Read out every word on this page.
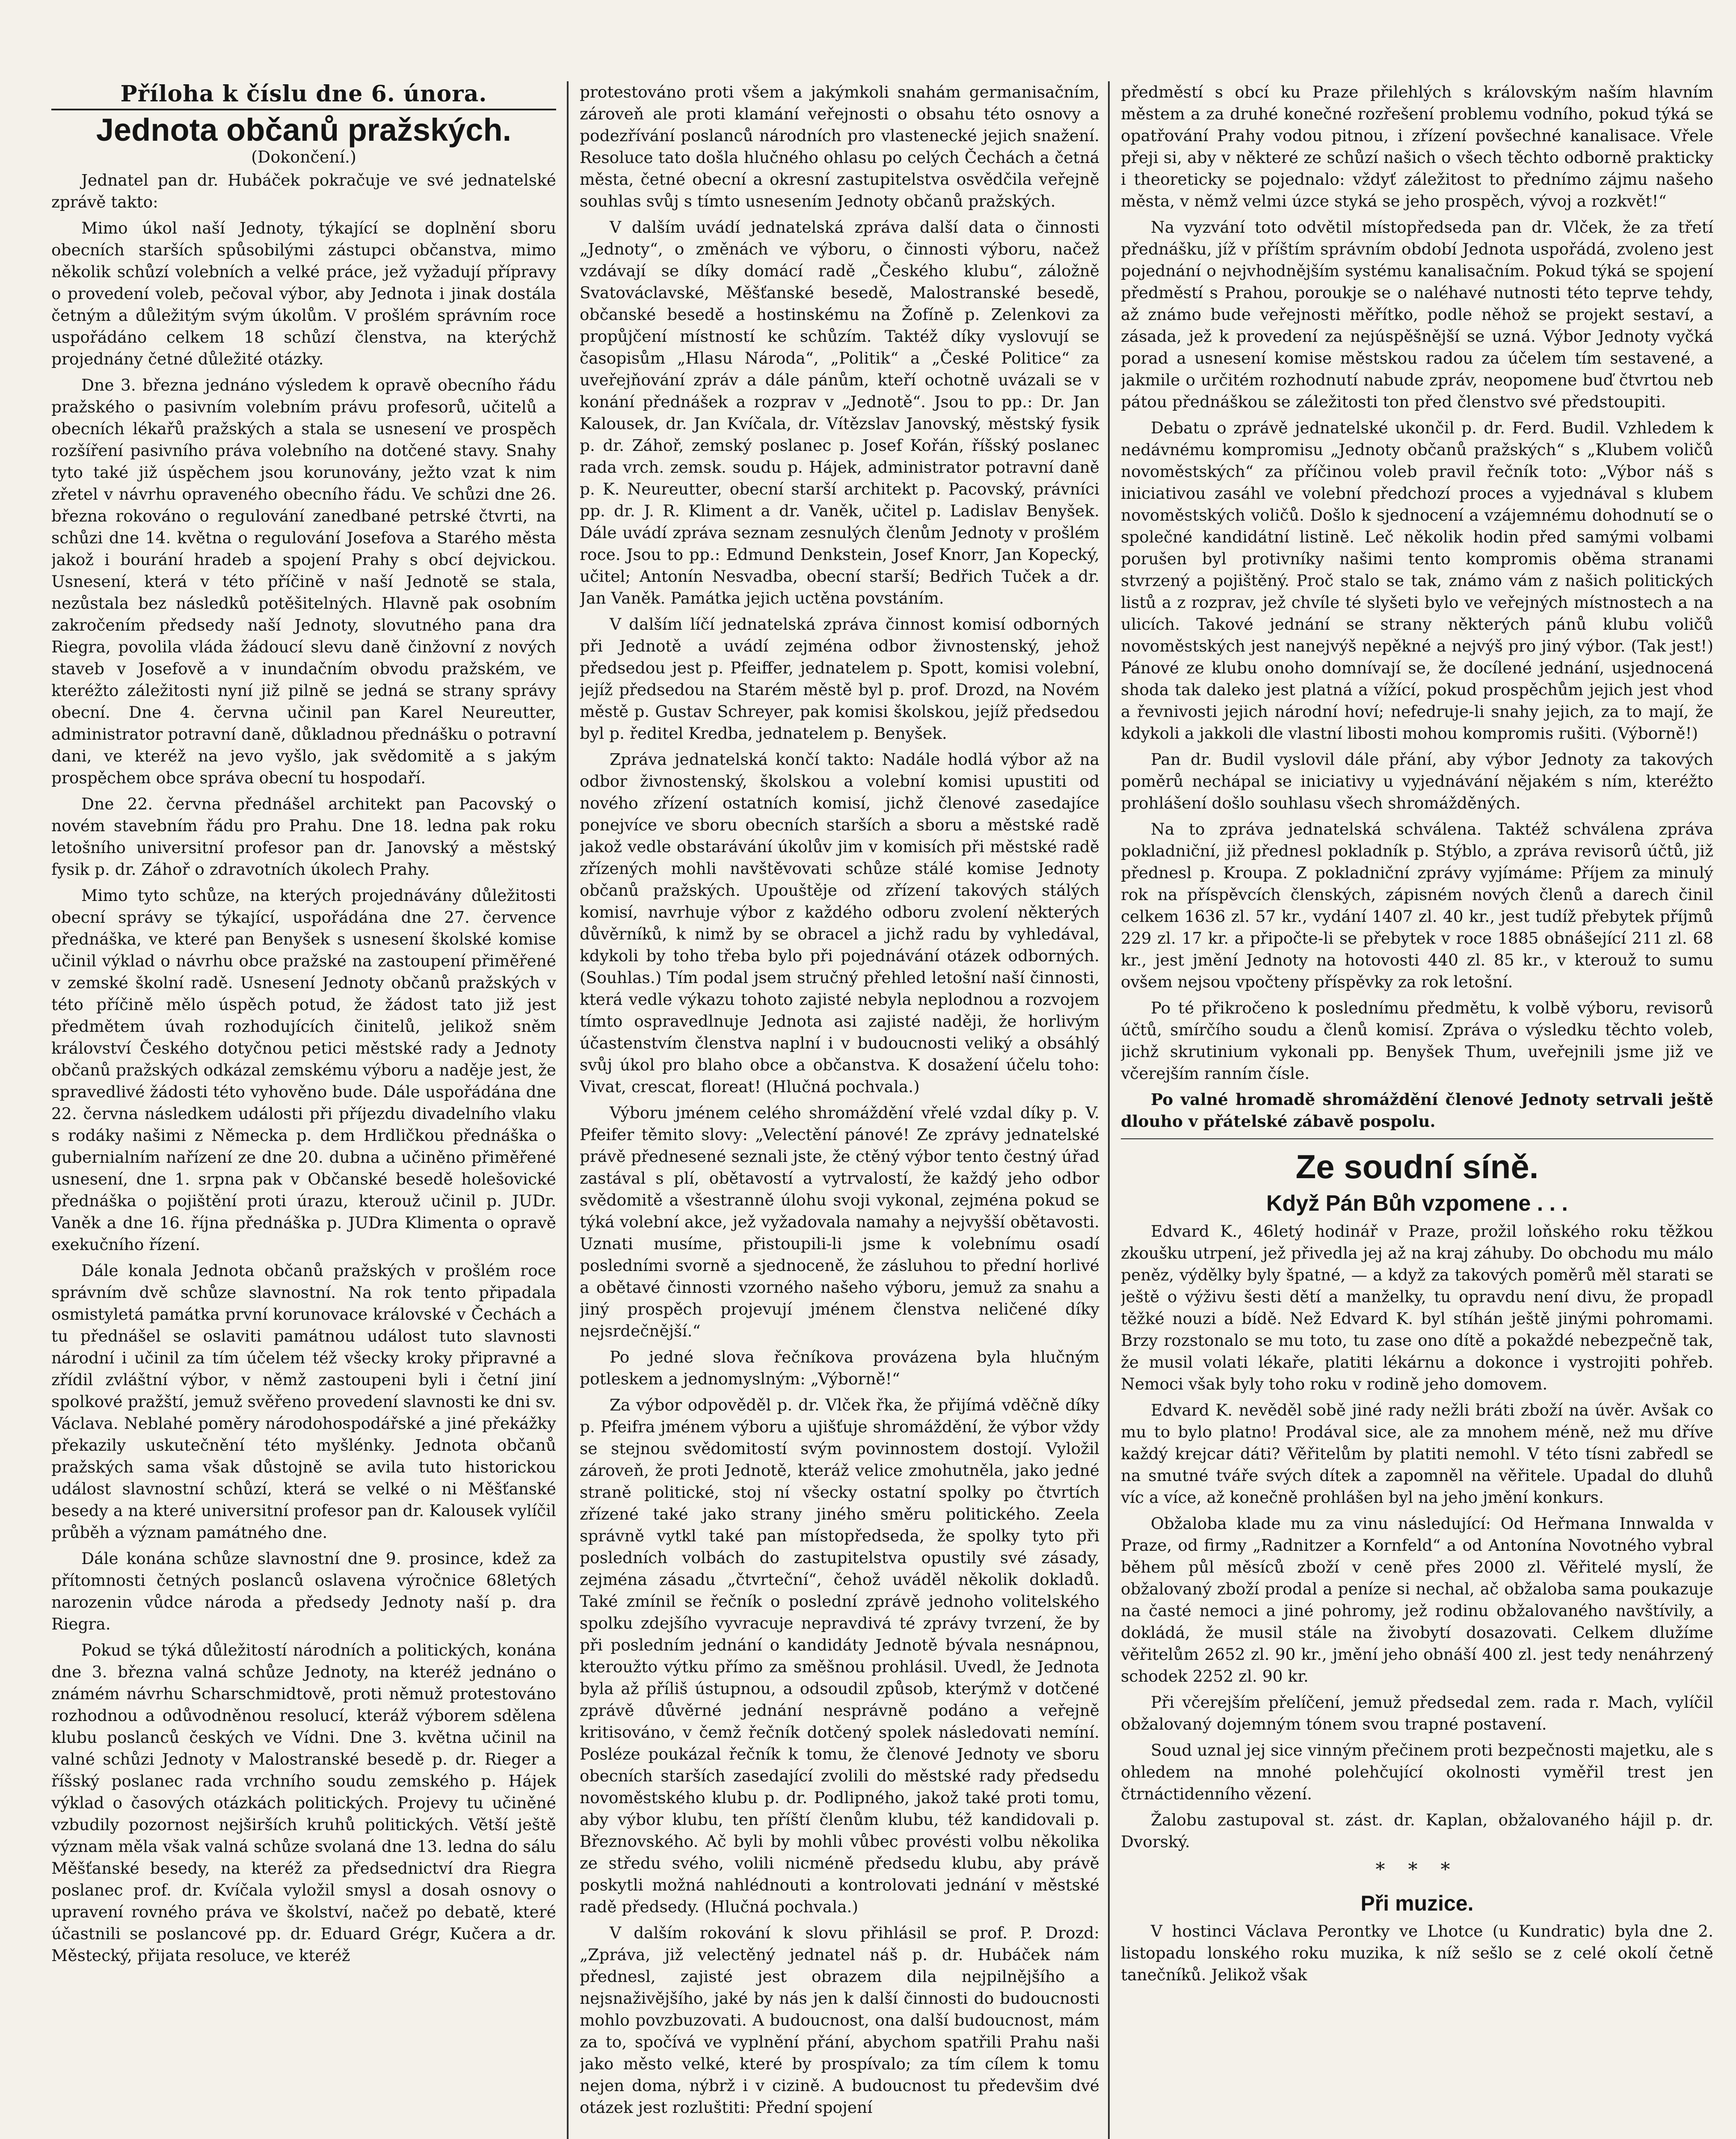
Příloha k číslu dne 6. února.
Jednota občanů pražských.
(Dokončení.)

Jednatel pan dr. Hubáček pokračuje ve své jednatelské zprávě takto:

Mimo úkol naší Jednoty, týkající se doplnění sboru obecních starších spůsobilými zástupci občanstva, mimo několik schůzí volebních a velké práce, jež vyžadují přípravy o provedení voleb, pečoval výbor, aby Jednota i jinak dostála četným a důležitým svým úkolům. V prošlém správním roce uspořádáno celkem 18 schůzí členstva, na kterýchž projednány četné důležité otázky.

Dne 3. března jednáno výsledem k opravě obecního řádu pražského o pasivním volebním právu profesorů, učitelů a obecních lékařů pražských a stala se usnesení ve prospěch rozšíření pasivního práva volebního na dotčené stavy. Snahy tyto také již úspěchem jsou korunovány, ježto vzat k nim zřetel v návrhu opraveného obecního řádu. Ve schůzi dne 26. března rokováno o regulování zanedbané petrské čtvrti, na schůzi dne 14. května o regulování Josefova a Starého města jakož i bourání hradeb a spojení Prahy s obcí dejvickou. Usnesení, která v této příčině v naší Jednotě se stala, nezůstala bez následků potěšitelných. Hlavně pak osobním zakročením předsedy naší Jednoty, slovutného pana dra Riegra, povolila vláda žádoucí slevu daně činžovní z nových staveb v Josefově a v inundačním obvodu pražském, ve kteréžto záležitosti nyní již pilně se jedná se strany správy obecní. Dne 4. června učinil pan Karel Neureutter, administrator potravní daně, důkladnou přednášku o potravní dani, ve kteréž na jevo vyšlo, jak svědomitě a s jakým prospěchem obce správa obecní tu hospodaří.

Dne 22. června přednášel architekt pan Pacovský o novém stavebním řádu pro Prahu. Dne 18. ledna pak roku letošního universitní profesor pan dr. Janovský a městský fysik p. dr. Záhoř o zdravotních úkolech Prahy.

Mimo tyto schůze, na kterých projednávány důležitosti obecní správy se týkající, uspořádána dne 27. července přednáška, ve které pan Benyšek s usnesení školské komise učinil výklad o návrhu obce pražské na zastoupení přiměřené v zemské školní radě. Usnesení Jednoty občanů pražských v této příčině mělo úspěch potud, že žádost tato již jest předmětem úvah rozhodujících činitelů, jelikož sněm království Českého dotyčnou petici městské rady a Jednoty občanů pražských odkázal zemskému výboru a naděje jest, že spravedlivé žádosti této vyhověno bude. Dále uspořádána dne 22. června následkem události při příjezdu divadelního vlaku s rodáky našimi z Německa p. dem Hrdličkou přednáška o gubernialním nařízení ze dne 20. dubna a učiněno přiměřené usnesení, dne 1. srpna pak v Občanské besedě holešovické přednáška o pojištění proti úrazu, kterouž učinil p. JUDr. Vaněk a dne 16. října přednáška p. JUDra Klimenta o opravě exekučního řízení.

Dále konala Jednota občanů pražských v prošlém roce správním dvě schůze slavnostní. Na rok tento připadala osmistyletá památka první korunovace královské v Čechách a tu přednášel se oslaviti památnou událost tuto slavnosti národní i učinil za tím účelem též všecky kroky připravné a zřídil zvláštní výbor, v němž zastoupeni byli i četní jiní spolkové pražští, jemuž svěřeno provedení slavnosti ke dni sv. Václava. Neblahé poměry národohospodářské a jiné překážky překazily uskutečnění této myšlénky. Jednota občanů pražských sama však důstojně se avila tuto historickou událost slavnostní schůzí, která se velké o ni Měšťanské besedy a na které universitní profesor pan dr. Kalousek vylíčil průběh a význam památného dne.

Dále konána schůze slavnostní dne 9. prosince, kdež za přítomnosti četných poslanců oslavena výročnice 68letých narozenin vůdce národa a předsedy Jednoty naší p. dra Riegra.

Pokud se týká důležitostí národních a politických, konána dne 3. března valná schůze Jednoty, na kteréž jednáno o známém návrhu Scharschmidtově, proti němuž protestováno rozhodnou a odůvodněnou resolucí, kteráž výborem sdělena klubu poslanců českých ve Vídni. Dne 3. května učinil na valné schůzi Jednoty v Malostranské besedě p. dr. Rieger a říšský poslanec rada vrchního soudu zemského p. Hájek výklad o časových otázkách politických. Projevy tu učiněné vzbudily pozornost nejširších kruhů politických. Větší ještě význam měla však valná schůze svolaná dne 13. ledna do sálu Měšťanské besedy, na kteréž za předsednictví dra Riegra poslanec prof. dr. Kvíčala vyložil smysl a dosah osnovy o upravení rovného práva ve školství, načež po debatě, které účastnili se poslancové pp. dr. Eduard Grégr, Kučera a dr. Městecký, přijata resoluce, ve kteréž

protestováno proti všem a jakýmkoli snahám germanisačním, zároveň ale proti klamání veřejnosti o obsahu této osnovy a podezřívání poslanců národních pro vlastenecké jejich snažení. Resoluce tato došla hlučného ohlasu po celých Čechách a četná města, četné obecní a okresní zastupitelstva osvědčila veřejně souhlas svůj s tímto usnesením Jednoty občanů pražských.

V dalším uvádí jednatelská zpráva další data o činnosti „Jednoty“, o změnách ve výboru, o činnosti výboru, načež vzdávají se díky domácí radě „Českého klubu“, záložně Svatováclavské, Měšťanské besedě, Malostranské besedě, občanské besedě a hostinskému na Žofíně p. Zelenkovi za propůjčení místností ke schůzím. Taktéž díky vyslovují se časopisům „Hlasu Národa“, „Politik“ a „České Politice“ za uveřejňování zpráv a dále pánům, kteří ochotně uvázali se v konání přednášek a rozprav v „Jednotě“. Jsou to pp.: Dr. Jan Kalousek, dr. Jan Kvíčala, dr. Vítězslav Janovský, městský fysik p. dr. Záhoř, zemský poslanec p. Josef Kořán, říšský poslanec rada vrch. zemsk. soudu p. Hájek, administrator potravní daně p. K. Neureutter, obecní starší architekt p. Pacovský, právníci pp. dr. J. R. Kliment a dr. Vaněk, učitel p. Ladislav Benyšek. Dále uvádí zpráva seznam zesnulých členům Jednoty v prošlém roce. Jsou to pp.: Edmund Denkstein, Josef Knorr, Jan Kopecký, učitel; Antonín Nesvadba, obecní starší; Bedřich Tuček a dr. Jan Vaněk. Památka jejich uctěna povstáním.

V dalším líčí jednatelská zpráva činnost komisí odborných při Jednotě a uvádí zejména odbor živnostenský, jehož předsedou jest p. Pfeiffer, jednatelem p. Spott, komisi volební, jejíž předsedou na Starém městě byl p. prof. Drozd, na Novém městě p. Gustav Schreyer, pak komisi školskou, jejíž předsedou byl p. ředitel Kredba, jednatelem p. Benyšek.

Zpráva jednatelská končí takto: Nadále hodlá výbor až na odbor živnostenský, školskou a volební komisi upustiti od nového zřízení ostatních komisí, jichž členové zasedajíce ponejvíce ve sboru obecních starších a sboru a městské radě jakož vedle obstarávání úkolův jim v komisích při městské radě zřízených mohli navštěvovati schůze stálé komise Jednoty občanů pražských. Upouštěje od zřízení takových stálých komisí, navrhuje výbor z každého odboru zvolení některých důvěrníků, k nimž by se obracel a jichž radu by vyhledával, kdykoli by toho třeba bylo při pojednávání otázek odborných. (Souhlas.) Tím podal jsem stručný přehled letošní naší činnosti, která vedle výkazu tohoto zajisté nebyla neplodnou a rozvojem tímto ospravedlnuje Jednota asi zajisté naději, že horlivým účastenstvím členstva naplní i v budoucnosti veliký a obsáhlý svůj úkol pro blaho obce a občanstva. K dosažení účelu toho: Vivat, crescat, floreat! (Hlučná pochvala.)

Výboru jménem celého shromáždění vřelé vzdal díky p. V. Pfeifer těmito slovy: „Velectění pánové! Ze zprávy jednatelské právě přednesené seznali jste, že ctěný výbor tento čestný úřad zastával s plí, obětavostí a vytrvalostí, že každý jeho odbor svědomitě a všestranně úlohu svoji vykonal, zejména pokud se týká volební akce, jež vyžadovala namahy a nejvyšší obětavosti. Uznati musíme, přistoupili-li jsme k volebnímu osadí posledními svorně a sjednoceně, že zásluhou to přední horlivé a obětavé činnosti vzorného našeho výboru, jemuž za snahu a jiný prospěch projevují jménem členstva neličené díky nejsrdečnější.“

Po jedné slova řečníkova provázena byla hlučným potleskem a jednomyslným: „Výborně!“

Za výbor odpověděl p. dr. Vlček řka, že přijímá vděčně díky p. Pfeifra jménem výboru a ujišťuje shromáždění, že výbor vždy se stejnou svědomitostí svým povinnostem dostojí. Vyložil zároveň, že proti Jednotě, kteráž velice zmohutněla, jako jedné straně politické, stoj ní všecky ostatní spolky po čtvrtích zřízené také jako strany jiného směru politického. Zeela správně vytkl také pan místopředseda, že spolky tyto při posledních volbách do zastupitelstva opustily své zásady, zejména zásadu „čtvrteční“, čehož uváděl několik dokladů. Také zmínil se řečník o poslední zprávě jednoho volitelského spolku zdejšího vyvracuje nepravdivá té zprávy tvrzení, že by při posledním jednání o kandidáty Jednotě bývala nesnápnou, kteroužto výtku přímo za směšnou prohlásil. Uvedl, že Jednota byla až příliš ústupnou, a odsoudil způsob, kterýmž v dotčené zprávě důvěrné jednání nesprávně podáno a veřejně kritisováno, v čemž řečník dotčený spolek následovati nemíní. Posléze poukázal řečník k tomu, že členové Jednoty ve sboru obecních starších zasedající zvolili do městské rady předsedu novoměstského klubu p. dr. Podlipného, jakož také proti tomu, aby výbor klubu, ten příští členům klubu, též kandidovali p. Březnovského. Ač byli by mohli vůbec provésti volbu několika ze středu svého, volili nicméně předsedu klubu, aby právě poskytli možná nahlédnouti a kontrolovati jednání v městské radě předsedy. (Hlučná pochvala.)

V dalším rokování k slovu přihlásil se prof. P. Drozd: „Zpráva, již velectěný jednatel náš p. dr. Hubáček nám přednesl, zajisté jest obrazem dila nejpilnějšího a nejsnaživějšího, jaké by nás jen k další činnosti do budoucnosti mohlo povzbuzovati. A budoucnost, ona další budoucnost, mám za to, spočívá ve vyplnění přání, abychom spatřili Prahu naši jako město velké, které by prospívalo; za tím cílem k tomu nejen doma, nýbrž i v cizině. A budoucnost tu předevšim dvé otázek jest rozluštiti: Přední spojení

předměstí s obcí ku Praze přilehlých s královským naším hlavním městem a za druhé konečné rozřešení problemu vodního, pokud týká se opatřování Prahy vodou pitnou, i zřízení povšechné kanalisace. Vřele přeji si, aby v některé ze schůzí našich o všech těchto odborně prakticky i theoreticky se pojednalo: vždyť záležitost to přednímo zájmu našeho města, v němž velmi úzce styká se jeho prospěch, vývoj a rozkvět!“

Na vyzvání toto odvětil místopředseda pan dr. Vlček, že za třetí přednášku, jíž v příštím správním období Jednota uspořádá, zvoleno jest pojednání o nejvhodnějším systému kanalisačním. Pokud týká se spojení předměstí s Prahou, poroukje se o naléhavé nutnosti této teprve tehdy, až známo bude veřejnosti měřítko, podle něhož se projekt sestaví, a zásada, jež k provedení za nejúspěšnější se uzná. Výbor Jednoty vyčká porad a usnesení komise městskou radou za účelem tím sestavené, a jakmile o určitém rozhodnutí nabude zpráv, neopomene buď čtvrtou neb pátou přednáškou se záležitosti ton před členstvo své předstoupiti.

Debatu o zprávě jednatelské ukončil p. dr. Ferd. Budil. Vzhledem k nedávnému kompromisu „Jednoty občanů pražských“ s „Klubem voličů novoměstských“ za příčinou voleb pravil řečník toto: „Výbor náš s iniciativou zasáhl ve volební předchozí proces a vyjednával s klubem novoměstských voličů. Došlo k sjednocení a vzájemnému dohodnutí se o společné kandidátní listině. Leč několik hodin před samými volbami porušen byl protivníky našimi tento kompromis oběma stranami stvrzený a pojištěný. Proč stalo se tak, známo vám z našich politických listů a z rozprav, jež chvíle té slyšeti bylo ve veřejných místnostech a na ulicích. Takové jednání se strany některých pánů klubu voličů novoměstských jest nanejvýš nepěkné a nejvýš pro jiný výbor. (Tak jest!) Pánové ze klubu onoho domnívají se, že docílené jednání, usjednocená shoda tak daleko jest platná a vížící, pokud prospěchům jejich jest vhod a řevnivosti jejich národní hoví; nefedruje-li snahy jejich, za to mají, že kdykoli a jakkoli dle vlastní libosti mohou kompromis rušiti. (Výborně!)

Pan dr. Budil vyslovil dále přání, aby výbor Jednoty za takových poměrů nechápal se iniciativy u vyjednávání nějakém s ním, kteréžto prohlášení došlo souhlasu všech shromážděných.

Na to zpráva jednatelská schválena. Taktéž schválena zpráva pokladniční, již přednesl pokladník p. Stýblo, a zpráva revisorů účtů, již přednesl p. Kroupa. Z pokladniční zprávy vyjímáme: Příjem za minulý rok na příspěvcích členských, zápisném nových členů a darech činil celkem 1636 zl. 57 kr., vydání 1407 zl. 40 kr., jest tudíž přebytek příjmů 229 zl. 17 kr. a připočte-li se přebytek v roce 1885 obnášející 211 zl. 68 kr., jest jmění Jednoty na hotovosti 440 zl. 85 kr., v kterouž to sumu ovšem nejsou vpočteny příspěvky za rok letošní.

Po té přikročeno k poslednímu předmětu, k volbě výboru, revisorů účtů, smírčího soudu a členů komisí. Zpráva o výsledku těchto voleb, jichž skrutinium vykonali pp. Benyšek Thum, uveřejnili jsme již ve včerejším ranním čísle.

Po valné hromadě shromáždění členové Jednoty setrvali ještě dlouho v přátelské zábavě pospolu.

Ze soudní síně.
Když Pán Bůh vzpomene . . .

Edvard K., 46letý hodinář v Praze, prožil loňského roku těžkou zkoušku utrpení, jež přivedla jej až na kraj záhuby. Do obchodu mu málo peněz, výdělky byly špatné, — a když za takových poměrů měl starati se ještě o výživu šesti dětí a manželky, tu opravdu není divu, že propadl těžké nouzi a bídě. Než Edvard K. byl stíhán ještě jinými pohromami. Brzy rozstonalo se mu toto, tu zase ono dítě a pokaždé nebezpečně tak, že musil volati lékaře, platiti lékárnu a dokonce i vystrojiti pohřeb. Nemoci však byly toho roku v rodině jeho domovem.

Edvard K. nevěděl sobě jiné rady nežli bráti zboží na úvěr. Avšak co mu to bylo platno! Prodával sice, ale za mnohem méně, než mu dříve každý krejcar dáti? Věřitelům by platiti nemohl. V této tísni zabředl se na smutné tváře svých dítek a zapomněl na věřitele. Upadal do dluhů víc a více, až konečně prohlášen byl na jeho jmění konkurs.

Obžaloba klade mu za vinu následující: Od Heřmana Innwalda v Praze, od firmy „Radnitzer a Kornfeld“ a od Antonína Novotného vybral během půl měsíců zboží v ceně přes 2000 zl. Věřitelé myslí, že obžalovaný zboží prodal a peníze si nechal, ač obžaloba sama poukazuje na časté nemoci a jiné pohromy, jež rodinu obžalovaného navštívily, a dokládá, že musil stále na živobytí dosazovati. Celkem dlužíme věřitelům 2652 zl. 90 kr., jmění jeho obnáší 400 zl. jest tedy nenáhrzený schodek 2252 zl. 90 kr.

Při včerejším přelíčení, jemuž předsedal zem. rada r. Mach, vylíčil obžalovaný dojemným tónem svou trapné postavení.

Soud uznal jej sice vinným přečinem proti bezpečnosti majetku, ale s ohledem na mnohé polehčující okolnosti vyměřil trest jen čtrnáctidenního vězení.

Žalobu zastupoval st. zást. dr. Kaplan, obžalovaného hájil p. dr. Dvorský.

* * *
Při muzice.

V hostinci Václava Perontky ve Lhotce (u Kundratic) byla dne 2. listopadu lonského roku muzika, k níž sešlo se z celé okolí četně tanečníků. Jelikož však
